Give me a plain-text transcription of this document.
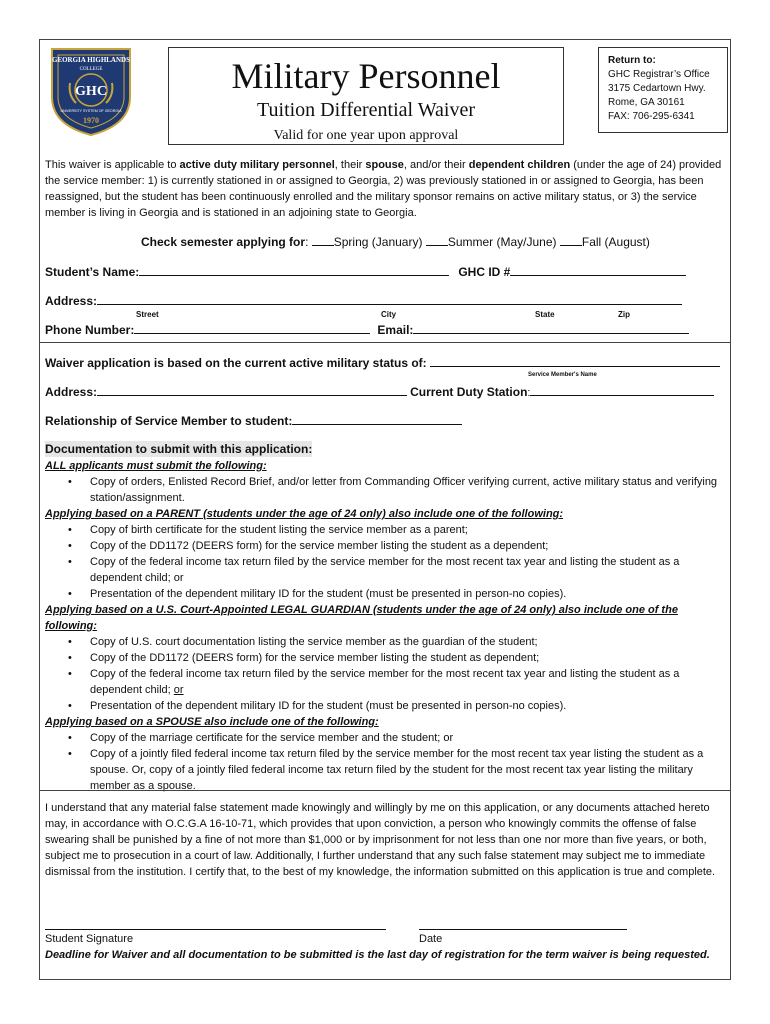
GEORGIA HIGHLANDS
COLLEGE
GHC
UNIVERSITY SYSTEM OF GEORGIA
1970
Military Personnel
Tuition Differential Waiver
Valid for one year upon approval
Return to:
GHC Registrar’s Office
3175 Cedartown Hwy.
Rome, GA 30161
FAX: 706-295-6341
This waiver is applicable to active duty military personnel, their spouse, and/or their dependent children (under the age of 24) provided the service member: 1) is currently stationed in or assigned to Georgia, 2) was previously stationed in or assigned to Georgia, has been reassigned, but the student has been continuously enrolled and the military sponsor remains on active military status, or 3) the service member is living in Georgia and is stationed in an adjoining state to Georgia.
Check semester applying for: Spring (January) Summer (May/June) Fall (August)
Student’s Name:	GHC ID #
Address:
Street	City	State	Zip
Phone Number:	Email:
Waiver application is based on the current active military status of:
Service Member's Name
Address:	Current Duty Station:
Relationship of Service Member to student:
Documentation to submit with this application:
ALL applicants must submit the following:
• Copy of orders, Enlisted Record Brief, and/or letter from Commanding Officer verifying current, active military status and verifying station/assignment.
Applying based on a PARENT (students under the age of 24 only) also include one of the following:
• Copy of birth certificate for the student listing the service member as a parent;
• Copy of the DD1172 (DEERS form) for the service member listing the student as a dependent;
• Copy of the federal income tax return filed by the service member for the most recent tax year and listing the student as a dependent child; or
• Presentation of the dependent military ID for the student (must be presented in person-no copies).
Applying based on a U.S. Court-Appointed LEGAL GUARDIAN (students under the age of 24 only) also include one of the following:
• Copy of U.S. court documentation listing the service member as the guardian of the student;
• Copy of the DD1172 (DEERS form) for the service member listing the student as dependent;
• Copy of the federal income tax return filed by the service member for the most recent tax year and listing the student as a dependent child; or
• Presentation of the dependent military ID for the student (must be presented in person-no copies).
Applying based on a SPOUSE also include one of the following:
• Copy of the marriage certificate for the service member and the student; or
• Copy of a jointly filed federal income tax return filed by the service member for the most recent tax year listing the student as a spouse. Or, copy of a jointly filed federal income tax return filed by the student for the most recent tax year listing the military member as a spouse.
I understand that any material false statement made knowingly and willingly by me on this application, or any documents attached hereto may, in accordance with O.C.G.A 16-10-71, which provides that upon conviction, a person who knowingly commits the offense of false swearing shall be punished by a fine of not more than $1,000 or by imprisonment for not less than one nor more than five years, or both, subject me to prosecution in a court of law. Additionally, I further understand that any such false statement may subject me to immediate dismissal from the institution. I certify that, to the best of my knowledge, the information submitted on this application is true and complete.
Student Signature	Date
Deadline for Waiver and all documentation to be submitted is the last day of registration for the term waiver is being requested.
